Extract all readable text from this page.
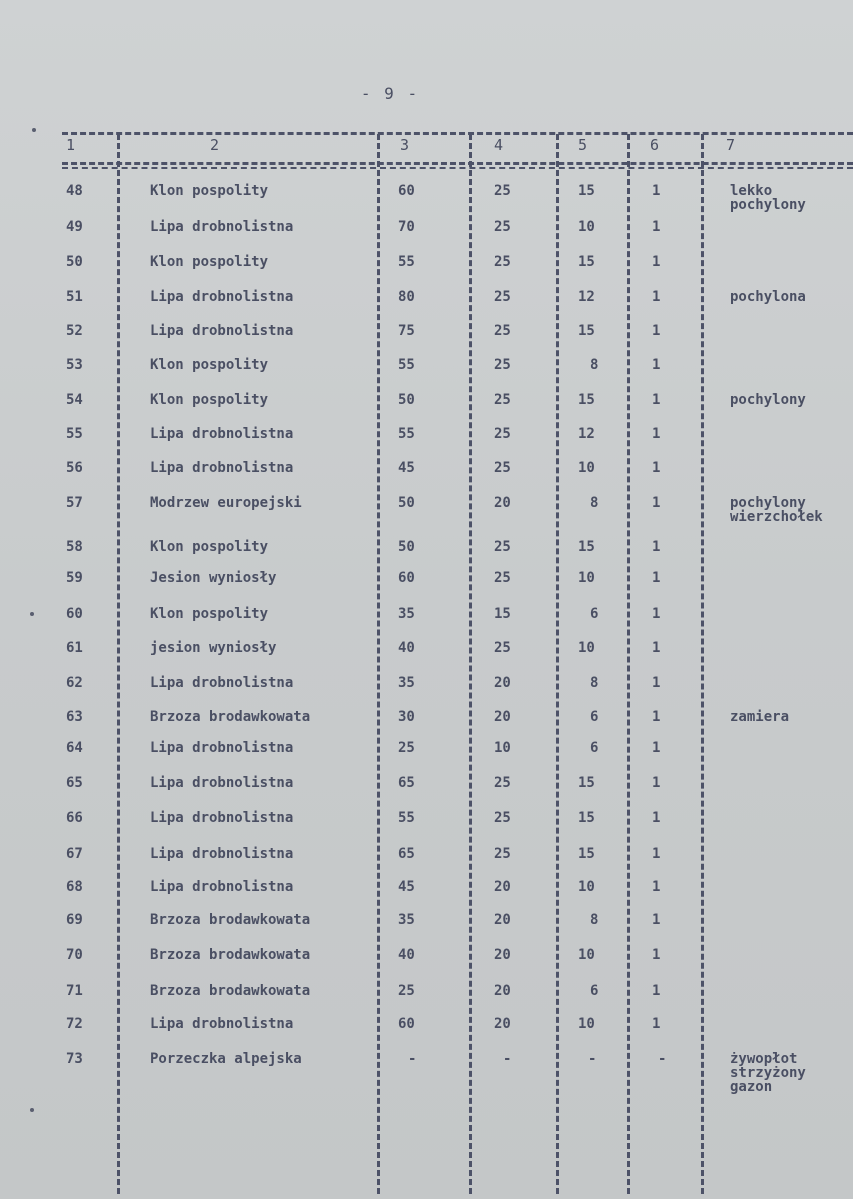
- 9 -
1	2	3	4	5	6	7
48	Klon pospolity	60	25	15	1	lekko
pochylony
49	Lipa drobnolistna	70	25	10	1
50	Klon pospolity	55	25	15	1
51	Lipa drobnolistna	80	25	12	1	pochylona
52	Lipa drobnolistna	75	25	15	1
53	Klon pospolity	55	25	8	1
54	Klon pospolity	50	25	15	1	pochylony
55	Lipa drobnolistna	55	25	12	1
56	Lipa drobnolistna	45	25	10	1
57	Modrzew europejski	50	20	8	1	pochylony
wierzchołek
58	Klon pospolity	50	25	15	1
59	Jesion wyniosły	60	25	10	1
60	Klon pospolity	35	15	6	1
61	jesion wyniosły	40	25	10	1
62	Lipa drobnolistna	35	20	8	1
63	Brzoza brodawkowata	30	20	6	1	zamiera
64	Lipa drobnolistna	25	10	6	1
65	Lipa drobnolistna	65	25	15	1
66	Lipa drobnolistna	55	25	15	1
67	Lipa drobnolistna	65	25	15	1
68	Lipa drobnolistna	45	20	10	1
69	Brzoza brodawkowata	35	20	8	1
70	Brzoza brodawkowata	40	20	10	1
71	Brzoza brodawkowata	25	20	6	1
72	Lipa drobnolistna	60	20	10	1
73	Porzeczka alpejska	-	-	-	-	żywopłot
strzyżony
gazon
